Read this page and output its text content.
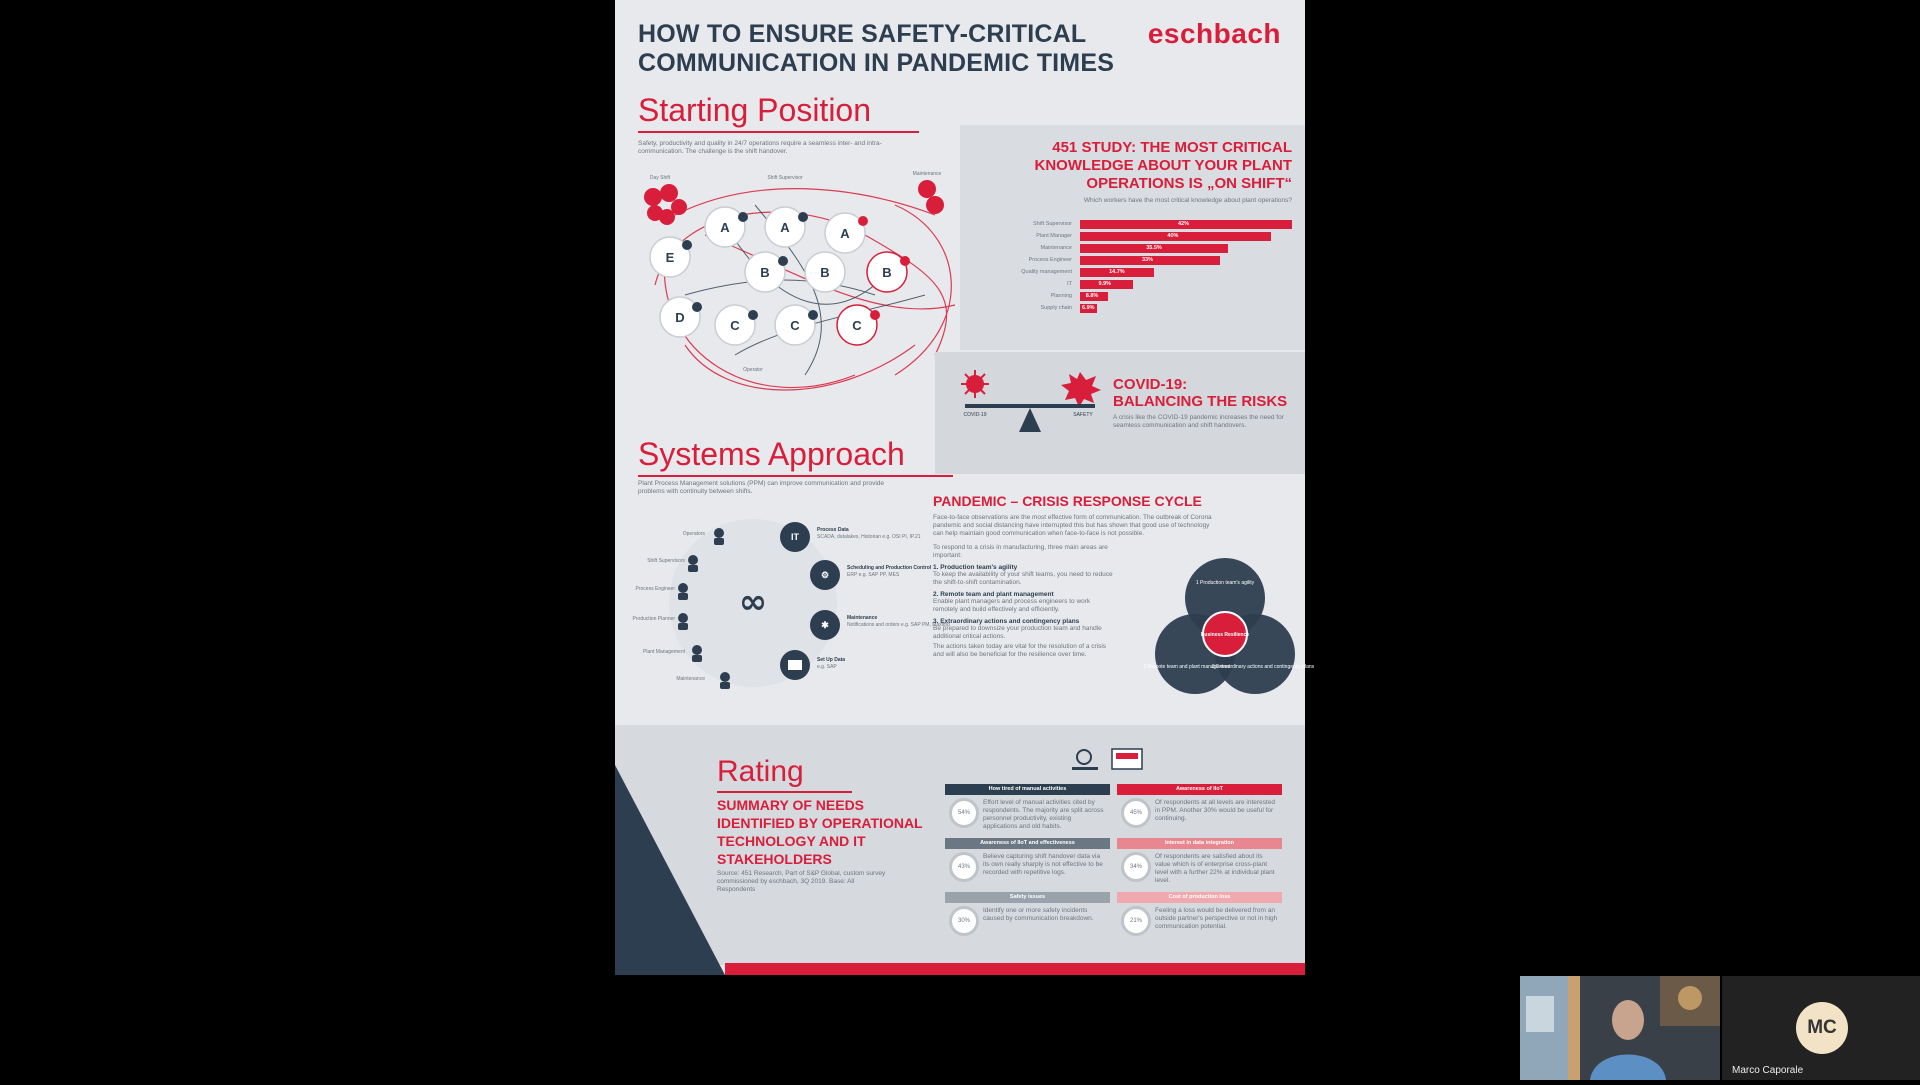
HOW TO ENSURE SAFETY-CRITICAL
COMMUNICATION IN PANDEMIC TIMES
eschbach
Starting Position
Safety, productivity and quality in 24/7 operations require a seamless inter- and intra-communication. The challenge is the shift handover.
A	A	A
E
B	B	B
D
C	C	C
Day Shift	Shift Supervisor
Maintenance
Operator
451 STUDY: THE MOST CRITICAL KNOWLEDGE ABOUT YOUR PLANT OPERATIONS IS „ON SHIFT“
Which workers have the most critical knowledge about plant operations?
Shift Supervisor	42%
Plant Manager	40%
Maintenance	35.5%
Process Engineer	33%
Quality management	14.7%
IT	9.9%
Planning	8.8%
Supply chain 6.9%
COVID-19	SAFETY
COVID-19:
BALANCING THE RISKS
A crisis like the COVID-19 pandemic increases the need for seamless communication and shift handovers.
Systems Approach
Plant Process Management solutions (PPM) can improve communication and provide problems with continuity between shifts.
∞
Operators
Shift Supervisors
Process Engineer
Production Planner
Plant Management
Maintenance
IT
⚙
✱
Process Data
SCADA, datalakes, Historian e.g. OSI PI, IP.21
Scheduling and Production Control
ERP e.g. SAP PP, MES
Maintenance
Notifications and orders e.g. SAP PM, Maximo
Set Up Data
e.g. SAP
PANDEMIC – CRISIS RESPONSE CYCLE
Face-to-face observations are the most effective form of communication. The outbreak of Corona pandemic and social distancing have interrupted this but has shown that good use of technology can help maintain good communication when face-to-face is not possible.
To respond to a crisis in manufacturing, three main areas are important:
1. Production team's agility
To keep the availability of your shift teams, you need to reduce the shift-to-shift contamination.
2. Remote team and plant management
Enable plant managers and process engineers to work remotely and build effectively and efficiently.
3. Extraordinary actions and contingency plans
Be prepared to downsize your production team and handle additional critical actions.
The actions taken today are vital for the resolution of a crisis and will also be beneficial for the resilience over time.
1 Production team's agility
2 Remote team and plant management
3 Extraordinary actions and contingency plans
Business Resilience
Rating
SUMMARY OF NEEDS IDENTIFIED BY OPERATIONAL TECHNOLOGY AND IT STAKEHOLDERS
Source: 451 Research, Part of S&P Global, custom survey commissioned by eschbach, 3Q 2019. Base: All Respondents
How tired of manual activities
54%
Effort level of manual activities cited by respondents. The majority are split across personnel productivity, existing applications and old habits.
Awareness of IIoT
45%
Of respondents at all levels are interested in PPM. Another 30% would be useful for continuing.
Awareness of IIoT and effectiveness
43%
Believe capturing shift handover data via its own really sharply is not effective to be recorded with repetitive logs.
Interest in data integration
34%
Of respondents are satisfied about its value which is of enterprise cross-plant level with a further 22% at individual plant level.
Safety issues
30%
Identify one or more safety incidents caused by communication breakdown.
Cost of production loss
21%
Feeling a loss would be delivered from an outside partner's perspective or not in high communication potential.
MC
Marco Caporale
